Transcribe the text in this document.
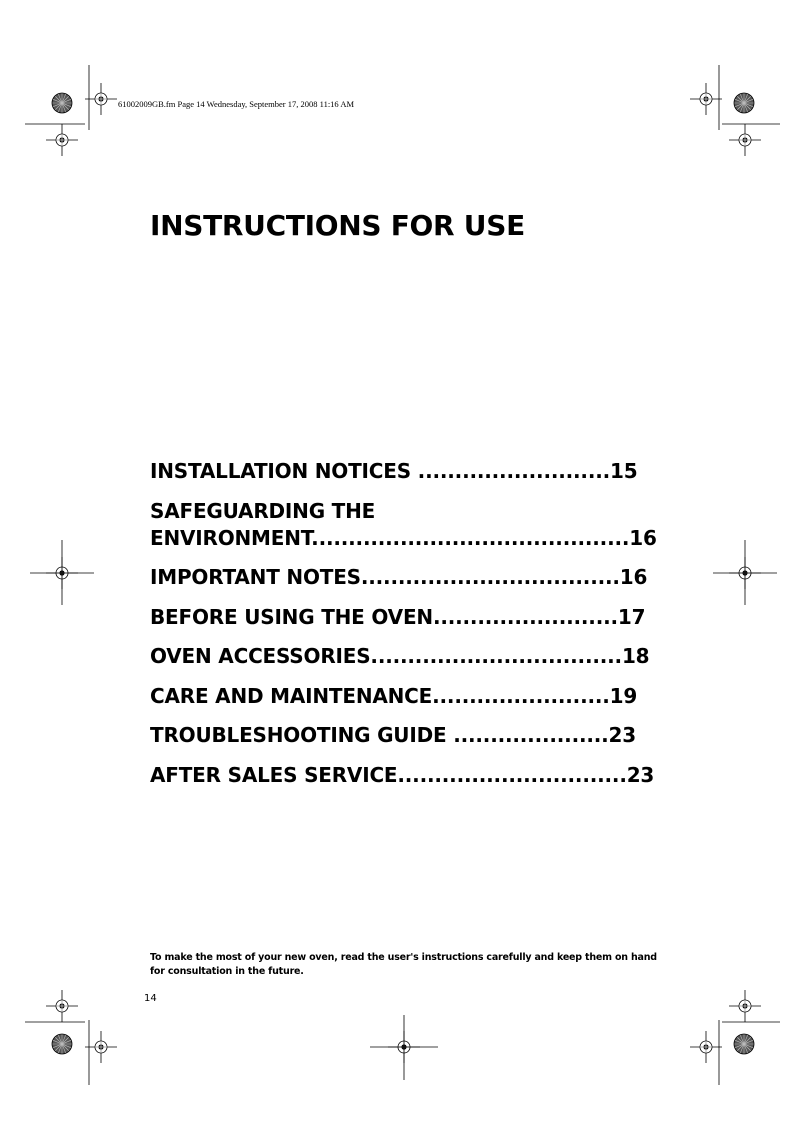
61002009GB.fm Page 14 Wednesday, September 17, 2008 11:16 AM
INSTRUCTIONS FOR USE
INSTALLATION NOTICES ..........................15
SAFEGUARDING THE
ENVIRONMENT...........................................16
IMPORTANT NOTES...................................16
BEFORE USING THE OVEN.........................17
OVEN ACCESSORIES..................................18
CARE AND MAINTENANCE........................19
TROUBLESHOOTING GUIDE .....................23
AFTER SALES SERVICE...............................23
To make the most of your new oven, read the user's instructions carefully and keep them on hand for consultation in the future.
14
